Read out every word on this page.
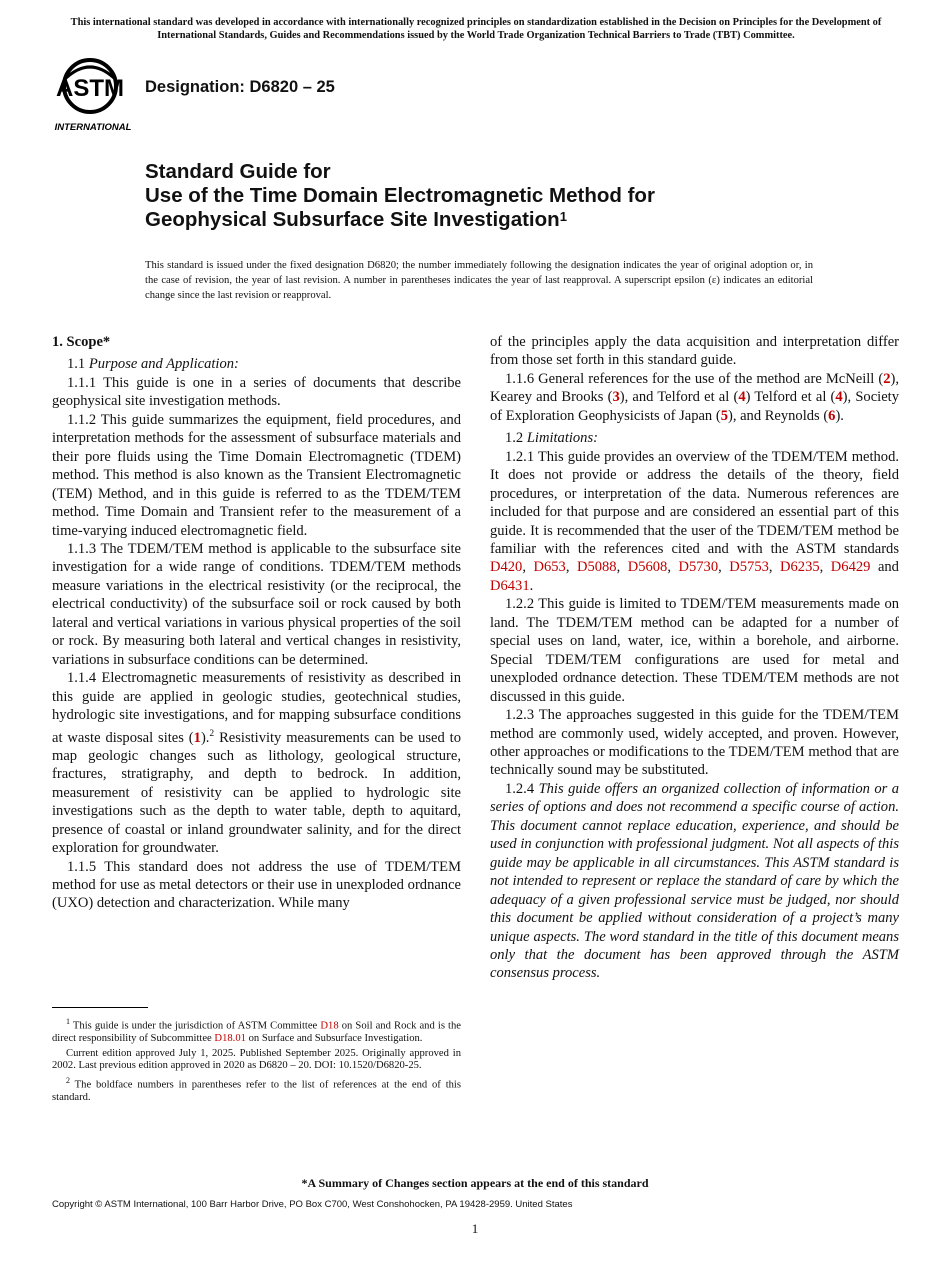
This international standard was developed in accordance with internationally recognized principles on standardization established in the Decision on Principles for the Development of International Standards, Guides and Recommendations issued by the World Trade Organization Technical Barriers to Trade (TBT) Committee.
ASTM
INTERNATIONAL
Designation: D6820 – 25
Standard Guide for
Use of the Time Domain Electromagnetic Method for
Geophysical Subsurface Site Investigation$^1$
This standard is issued under the fixed designation D6820; the number immediately following the designation indicates the year of original adoption or, in the case of revision, the year of last revision. A number in parentheses indicates the year of last reapproval. A superscript epsilon (ε) indicates an editorial change since the last revision or reapproval.

1. Scope*

1.1 Purpose and Application:

1.1.1 This guide is one in a series of documents that describe geophysical site investigation methods.

1.1.2 This guide summarizes the equipment, field procedures, and interpretation methods for the assessment of subsurface materials and their pore fluids using the Time Domain Electromagnetic (TDEM) method. This method is also known as the Transient Electromagnetic (TEM) Method, and in this guide is referred to as the TDEM/TEM method. Time Domain and Transient refer to the measurement of a time-varying induced electromagnetic field.

1.1.3 The TDEM/TEM method is applicable to the subsurface site investigation for a wide range of conditions. TDEM/TEM methods measure variations in the electrical resistivity (or the reciprocal, the electrical conductivity) of the subsurface soil or rock caused by both lateral and vertical variations in various physical properties of the soil or rock. By measuring both lateral and vertical changes in resistivity, variations in subsurface conditions can be determined.

1.1.4 Electromagnetic measurements of resistivity as described in this guide are applied in geologic studies, geotechnical studies, hydrologic site investigations, and for mapping subsurface conditions at waste disposal sites (1).$^2$ Resistivity measurements can be used to map geologic changes such as lithology, geological structure, fractures, stratigraphy, and depth to bedrock. In addition, measurement of resistivity can be applied to hydrologic site investigations such as the depth to water table, depth to aquitard, presence of coastal or inland groundwater salinity, and for the direct exploration for groundwater.

1.1.5 This standard does not address the use of TDEM/TEM method for use as metal detectors or their use in unexploded ordnance (UXO) detection and characterization. While many

of the principles apply the data acquisition and interpretation differ from those set forth in this standard guide.

1.1.6 General references for the use of the method are McNeill (2), Kearey and Brooks (3), and Telford et al (4) Telford et al (4), Society of Exploration Geophysicists of Japan (5), and Reynolds (6).

1.2 Limitations:

1.2.1 This guide provides an overview of the TDEM/TEM method. It does not provide or address the details of the theory, field procedures, or interpretation of the data. Numerous references are included for that purpose and are considered an essential part of this guide. It is recommended that the user of the TDEM/TEM method be familiar with the references cited and with the ASTM standards D420, D653, D5088, D5608, D5730, D5753, D6235, D6429 and D6431.

1.2.2 This guide is limited to TDEM/TEM measurements made on land. The TDEM/TEM method can be adapted for a number of special uses on land, water, ice, within a borehole, and airborne. Special TDEM/TEM configurations are used for metal and unexploded ordnance detection. These TDEM/TEM methods are not discussed in this guide.

1.2.3 The approaches suggested in this guide for the TDEM/TEM method are commonly used, widely accepted, and proven. However, other approaches or modifications to the TDEM/TEM method that are technically sound may be substituted.

1.2.4 This guide offers an organized collection of information or a series of options and does not recommend a specific course of action. This document cannot replace education, experience, and should be used in conjunction with professional judgment. Not all aspects of this guide may be applicable in all circumstances. This ASTM standard is not intended to represent or replace the standard of care by which the adequacy of a given professional service must be judged, nor should this document be applied without consideration of a project’s many unique aspects. The word standard in the title of this document means only that the document has been approved through the ASTM consensus process.

$^1$ This guide is under the jurisdiction of ASTM Committee D18 on Soil and Rock and is the direct responsibility of Subcommittee D18.01 on Surface and Subsurface Investigation.

Current edition approved July 1, 2025. Published September 2025. Originally approved in 2002. Last previous edition approved in 2020 as D6820 – 20. DOI: 10.1520/D6820-25.

$^2$ The boldface numbers in parentheses refer to the list of references at the end of this standard.

*A Summary of Changes section appears at the end of this standard
Copyright © ASTM International, 100 Barr Harbor Drive, PO Box C700, West Conshohocken, PA 19428-2959. United States
1
